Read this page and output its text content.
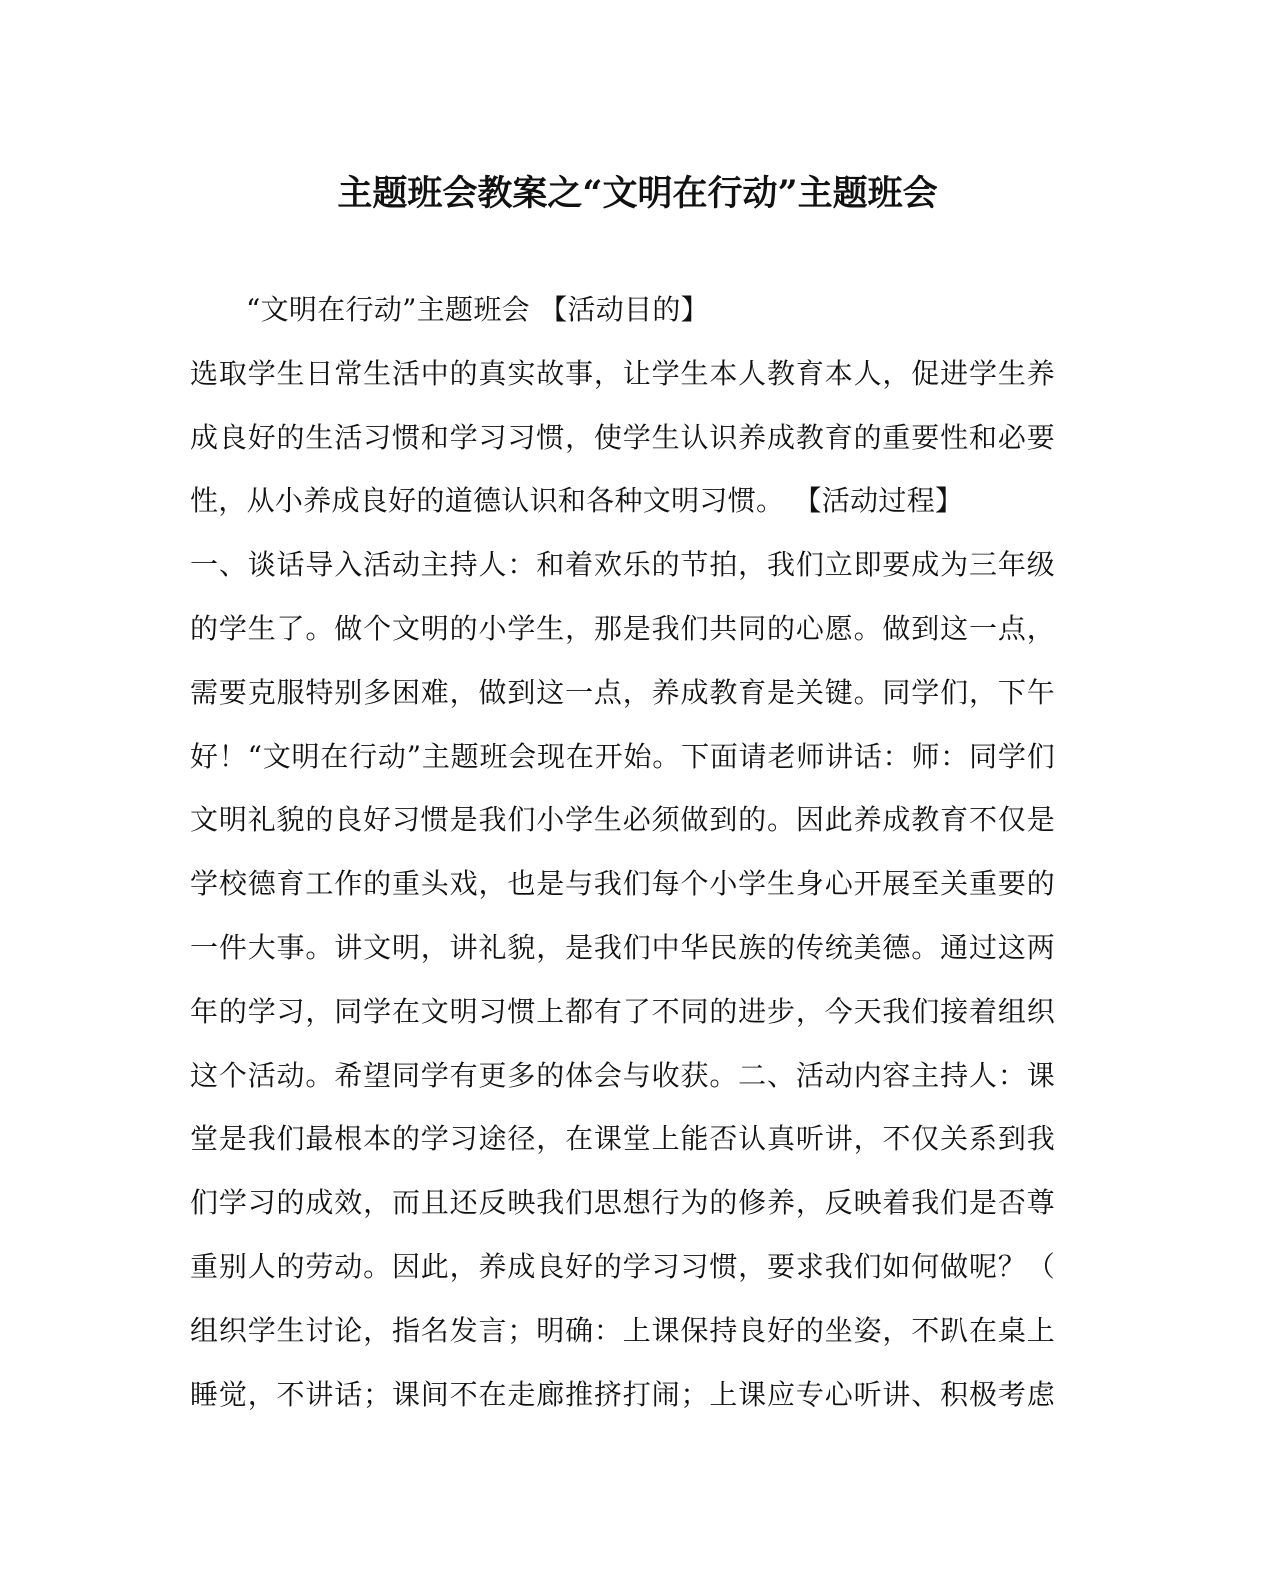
主题班会教案之“文明在行动”主题班会
“文明在行动”主题班会 【活动目的】
选取学生日常生活中的真实故事，让学生本人教育本人，促进学生养
成良好的生活习惯和学习习惯，使学生认识养成教育的重要性和必要
性，从小养成良好的道德认识和各种文明习惯。 【活动过程】
一、谈话导入活动主持人：和着欢乐的节拍，我们立即要成为三年级
的学生了。做个文明的小学生，那是我们共同的心愿。做到这一点，
需要克服特别多困难，做到这一点，养成教育是关键。同学们，下午
好！“文明在行动”主题班会现在开始。下面请老师讲话：师：同学们
文明礼貌的良好习惯是我们小学生必须做到的。因此养成教育不仅是
学校德育工作的重头戏，也是与我们每个小学生身心开展至关重要的
一件大事。讲文明，讲礼貌，是我们中华民族的传统美德。通过这两
年的学习，同学在文明习惯上都有了不同的进步，今天我们接着组织
这个活动。希望同学有更多的体会与收获。二、活动内容主持人：课
堂是我们最根本的学习途径，在课堂上能否认真听讲，不仅关系到我
们学习的成效，而且还反映我们思想行为的修养，反映着我们是否尊
重别人的劳动。因此，养成良好的学习习惯，要求我们如何做呢？（
组织学生讨论，指名发言；明确：上课保持良好的坐姿，不趴在桌上
睡觉，不讲话；课间不在走廊推挤打闹；上课应专心听讲、积极考虑
